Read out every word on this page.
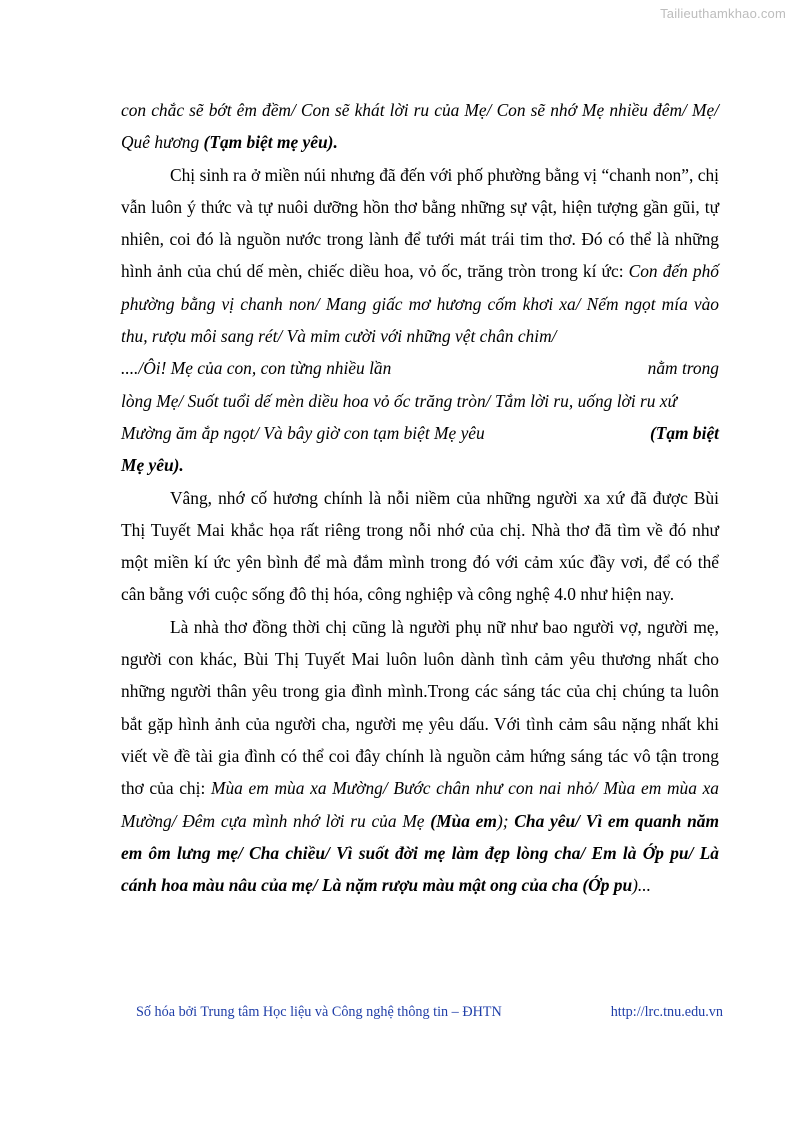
Tailieuthamkhao.com

con chắc sẽ bớt êm đềm/ Con sẽ khát lời ru của Mẹ/ Con sẽ nhớ Mẹ nhiều đêm/ Mẹ/ Quê hương (Tạm biệt mẹ yêu).

Chị sinh ra ở miền núi nhưng đã đến với phố phường bằng vị “chanh non”, chị vẫn luôn ý thức và tự nuôi dưỡng hồn thơ bằng những sự vật, hiện tượng gần gũi, tự nhiên, coi đó là nguồn nước trong lành để tưới mát trái tim thơ. Đó có thể là những hình ảnh của chú dế mèn, chiếc diều hoa, vỏ ốc, trăng tròn trong kí ức: Con đến phố phường bằng vị chanh non/ Mang giấc mơ hương cốm khơi xa/ Nếm ngọt mía vào thu, rượu môi sang rét/ Và mỉm cười với những vệt chân chim/

..../Ôi! Mẹ của con, con từng nhiều lần	nằm trong

lòng Mẹ/ Suốt tuổi dế mèn diều hoa vỏ ốc trăng tròn/ Tắm lời ru, uống lời ru xứ

Mường ăm ắp ngọt/ Và bây giờ con tạm biệt Mẹ yêu	(Tạm biệt

Mẹ yêu).

Vâng, nhớ cố hương chính là nỗi niềm của những người xa xứ đã được Bùi Thị Tuyết Mai khắc họa rất riêng trong nỗi nhớ của chị. Nhà thơ đã tìm về đó như một miền kí ức yên bình để mà đắm mình trong đó với cảm xúc đầy vơi, để có thể cân bằng với cuộc sống đô thị hóa, công nghiệp và công nghệ 4.0 như hiện nay.

Là nhà thơ đồng thời chị cũng là người phụ nữ như bao người vợ, người mẹ, người con khác, Bùi Thị Tuyết Mai luôn luôn dành tình cảm yêu thương nhất cho những người thân yêu trong gia đình mình.Trong các sáng tác của chị chúng ta luôn bắt gặp hình ảnh của người cha, người mẹ yêu dấu. Với tình cảm sâu nặng nhất khi viết về đề tài gia đình có thể coi đây chính là nguồn cảm hứng sáng tác vô tận trong thơ của chị: Mùa em mùa xa Mường/ Bước chân như con nai nhỏ/ Mùa em mùa xa Mường/ Đêm cựa mình nhớ lời ru của Mẹ (Mùa em); Cha yêu/ Vì em quanh năm em ôm lưng mẹ/ Cha chiều/ Vì suốt đời mẹ làm đẹp lòng cha/ Em là Ớp pu/ Là cánh hoa màu nâu của mẹ/ Là nặm rượu màu mật ong của cha (Ớp pu)...

Số hóa bởi Trung tâm Học liệu và Công nghệ thông tin – ĐHTN	http://lrc.tnu.edu.vn
